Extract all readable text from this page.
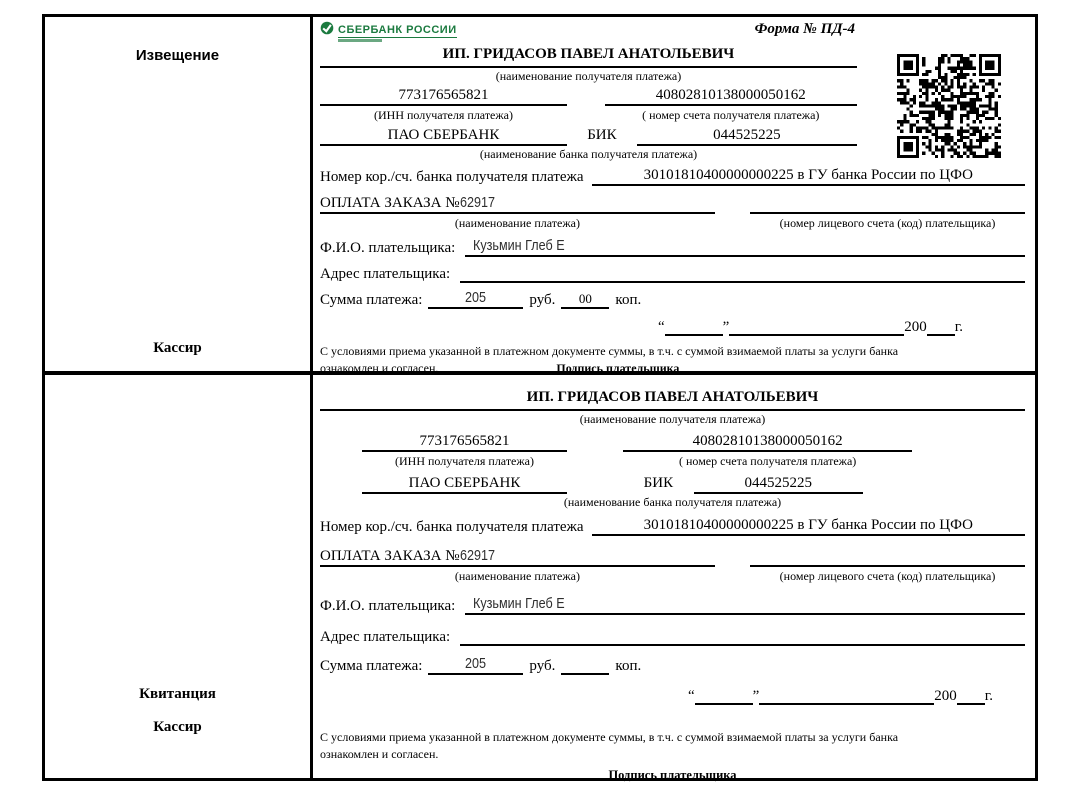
Извещение
Кассир
СБЕРБАНК РОССИИ	Форма № ПД-4
ИП. ГРИДАСОВ ПАВЕЛ АНАТОЛЬЕВИЧ
(наименование получателя платежа)
773176565821	40802810138000050162
(ИНН получателя платежа)	( номер счета получателя платежа)
ПАО СБЕРБАНК	БИК	044525225
(наименование банка получателя платежа)
Номер кор./сч. банка получателя платежа	30101810400000000225 в ГУ банка России по ЦФО
ОПЛАТА ЗАКАЗА №62917
(наименование платежа)	(номер лицевого счета (код) плательщика)
Ф.И.О. плательщика:	Кузьмин Глеб Е
Адрес плательщика:
Сумма платежа:	205	руб.	00	коп.
“	”	200 г.
С условиями приема указанной в платежном документе суммы, в т.ч. с суммой взимаемой платы за услуги банка
ознакомлен и согласен.	Подпись плательщика
Квитанция
Кассир
ИП. ГРИДАСОВ ПАВЕЛ АНАТОЛЬЕВИЧ
(наименование получателя платежа)
773176565821	40802810138000050162
(ИНН получателя платежа)	( номер счета получателя платежа)
ПАО СБЕРБАНК	БИК	044525225
(наименование банка получателя платежа)
Номер кор./сч. банка получателя платежа	30101810400000000225 в ГУ банка России по ЦФО
ОПЛАТА ЗАКАЗА №62917
(наименование платежа)	(номер лицевого счета (код) плательщика)
Ф.И.О. плательщика:	Кузьмин Глеб Е
Адрес плательщика:
Сумма платежа:	205	руб.	коп.
“	”	200 г.
С условиями приема указанной в платежном документе суммы, в т.ч. с суммой взимаемой платы за услуги банка
ознакомлен и согласен.
Подпись плательщика
